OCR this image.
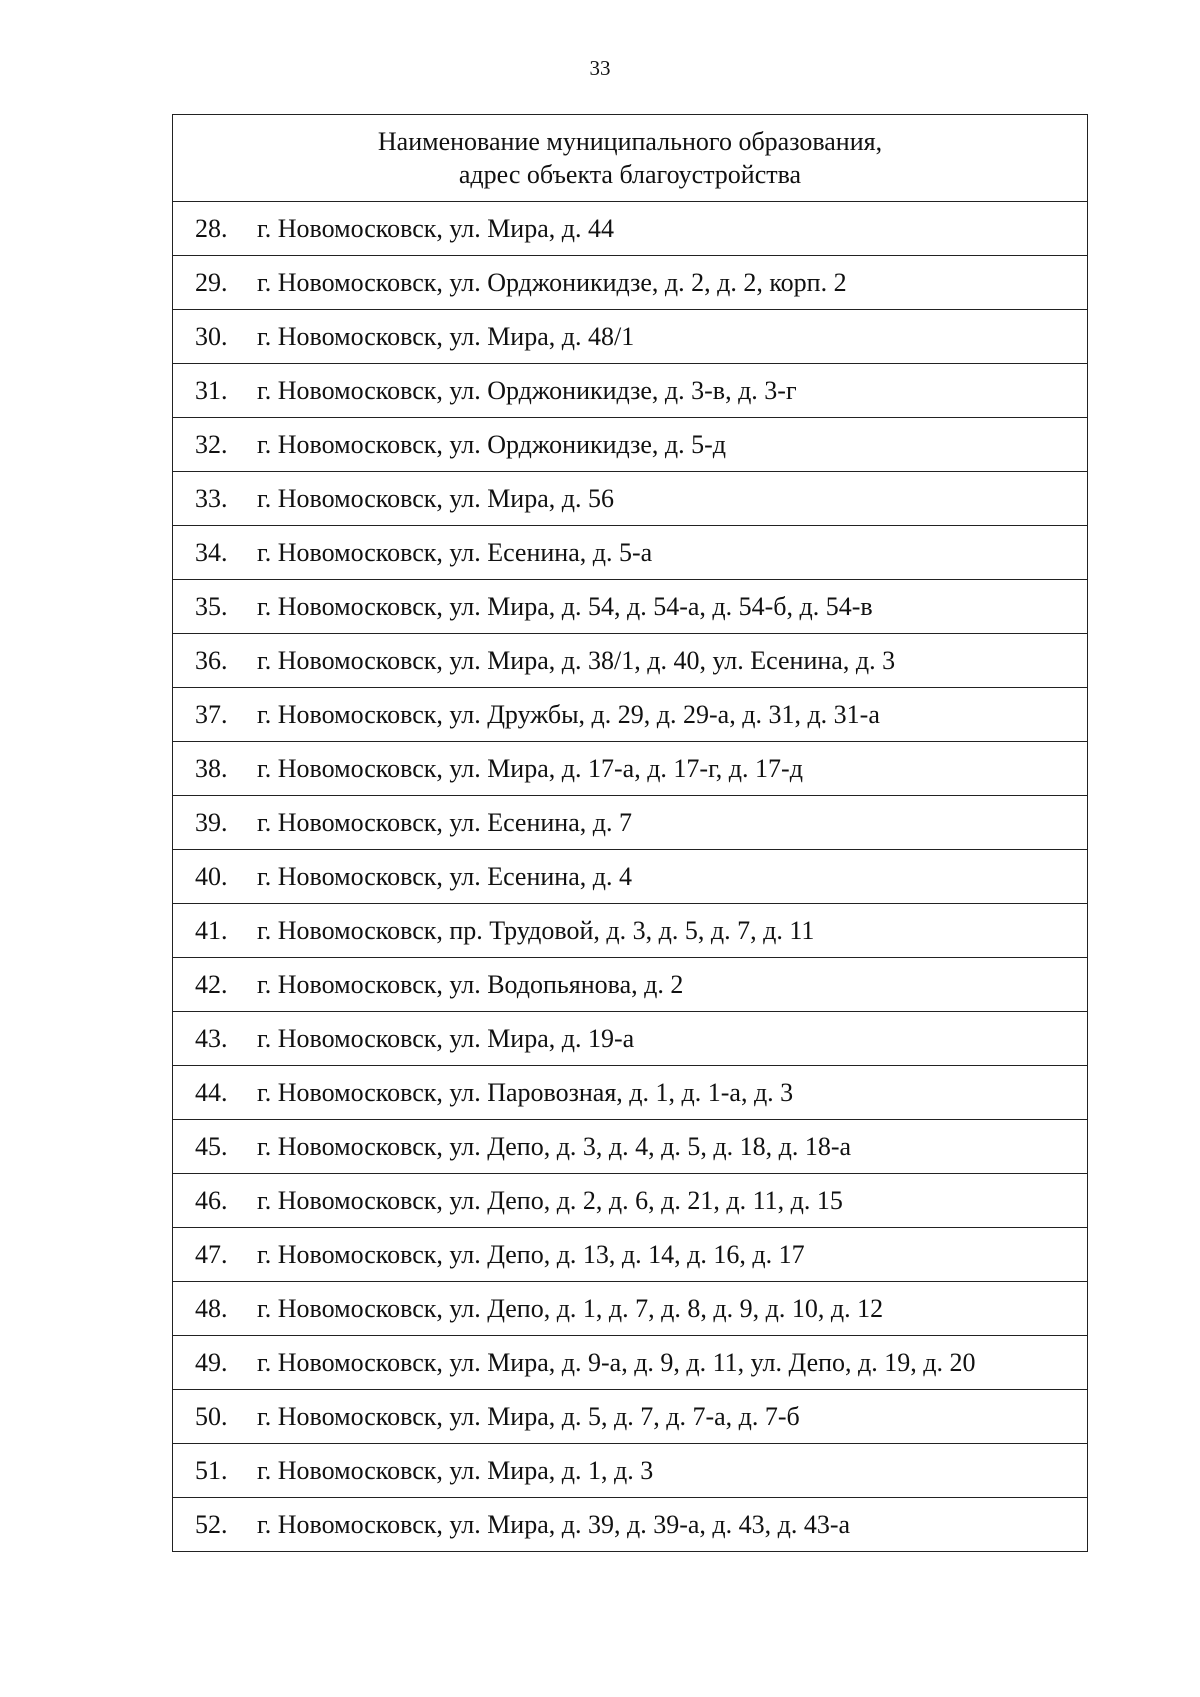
33
Наименование муниципального образования,
адрес объекта благоустройства

28. г. Новомосковск, ул. Мира, д. 44
29. г. Новомосковск, ул. Орджоникидзе, д. 2, д. 2, корп. 2
30. г. Новомосковск, ул. Мира, д. 48/1
31. г. Новомосковск, ул. Орджоникидзе, д. 3-в, д. 3-г
32. г. Новомосковск, ул. Орджоникидзе, д. 5-д
33. г. Новомосковск, ул. Мира, д. 56
34. г. Новомосковск, ул. Есенина, д. 5-а
35. г. Новомосковск, ул. Мира, д. 54, д. 54-а, д. 54-б, д. 54-в
36. г. Новомосковск, ул. Мира, д. 38/1, д. 40, ул. Есенина, д. 3
37. г. Новомосковск, ул. Дружбы, д. 29, д. 29-а, д. 31, д. 31-а
38. г. Новомосковск, ул. Мира, д. 17-а, д. 17-г, д. 17-д
39. г. Новомосковск, ул. Есенина, д. 7
40. г. Новомосковск, ул. Есенина, д. 4
41. г. Новомосковск, пр. Трудовой, д. 3, д. 5, д. 7, д. 11
42. г. Новомосковск, ул. Водопьянова, д. 2
43. г. Новомосковск, ул. Мира, д. 19-а
44. г. Новомосковск, ул. Паровозная, д. 1, д. 1-а, д. 3
45. г. Новомосковск, ул. Депо, д. 3, д. 4, д. 5, д. 18, д. 18-а
46. г. Новомосковск, ул. Депо, д. 2, д. 6, д. 21, д. 11, д. 15
47. г. Новомосковск, ул. Депо, д. 13, д. 14, д. 16, д. 17
48. г. Новомосковск, ул. Депо, д. 1, д. 7, д. 8, д. 9, д. 10, д. 12
49. г. Новомосковск, ул. Мира, д. 9-а, д. 9, д. 11, ул. Депо, д. 19, д. 20
50. г. Новомосковск, ул. Мира, д. 5, д. 7, д. 7-а, д. 7-б
51. г. Новомосковск, ул. Мира, д. 1, д. 3
52. г. Новомосковск, ул. Мира, д. 39, д. 39-а, д. 43, д. 43-а
